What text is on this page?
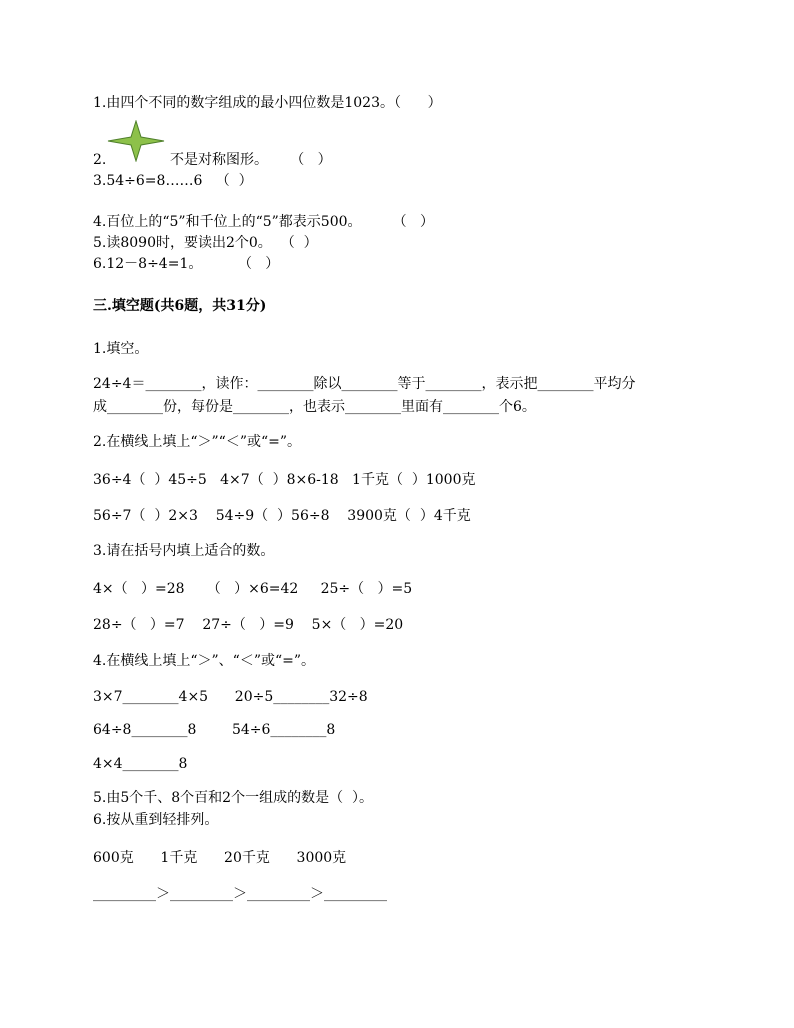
1.由四个不同的数字组成的最小四位数是1023。（      ）
2.	不是对称图形。     （   ）
3.54÷6=8……6   （  ）
4.百位上的“5”和千位上的“5”都表示500。       （   ）
5.读8090时，要读出2个0。  （  ）
6.12－8÷4=1。        （   ）
三.填空题(共6题，共31分)
1.填空。
24÷4＝________，读作：________除以________等于________，表示把________平均分
成________份，每份是________，也表示________里面有________个6。
2.在横线上填上“＞”“＜”或“=”。
36÷4（  ）45÷5   4×7（  ）8×6-18   1千克（  ）1000克
56÷7（  ）2×3    54÷9（  ）56÷8    3900克（  ）4千克
3.请在括号内填上适合的数。
4×（   ）=28     （   ）×6=42     25÷（   ）=5
28÷（   ）=7    27÷（   ）=9    5×（   ）=20
4.在横线上填上“＞”、“＜”或“=”。
3×7________4×5      20÷5________32÷8
64÷8________8        54÷6________8
4×4________8
5.由5个千、8个百和2个一组成的数是（  ）。
6.按从重到轻排列。
600克      1千克      20千克      3000克
_________＞_________＞_________＞_________
